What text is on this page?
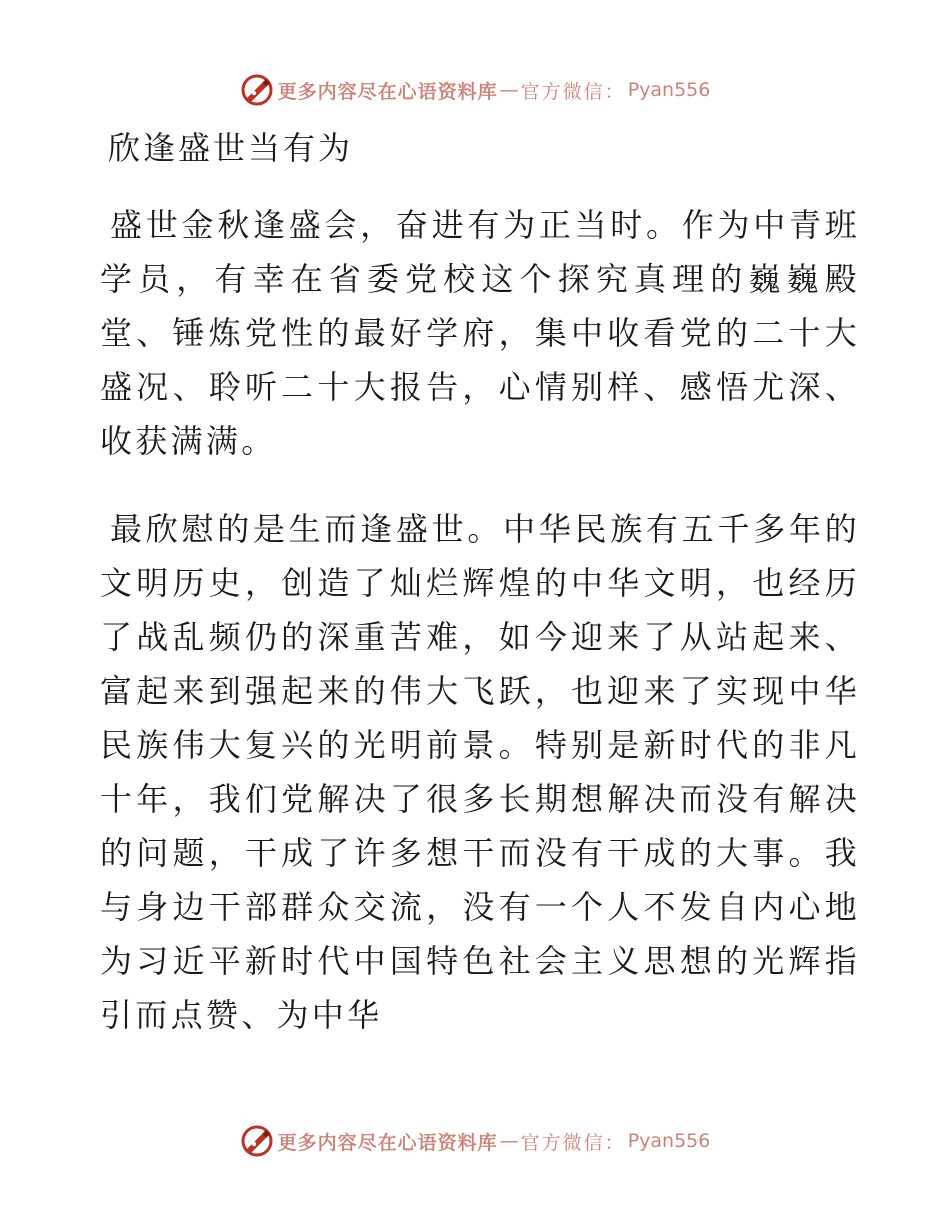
更多内容尽在心语资料库 — 官方微信： Pyan556
欣逢盛世当有为

盛世金秋逢盛会，奋进有为正当时。作为中青班学员，有幸在省委党校这个探究真理的巍巍殿堂、锤炼党性的最好学府，集中收看党的二十大盛况、聆听二十大报告，心情别样、感悟尤深、收获满满。

最欣慰的是生而逢盛世。中华民族有五千多年的文明历史，创造了灿烂辉煌的中华文明，也经历了战乱频仍的深重苦难，如今迎来了从站起来、富起来到强起来的伟大飞跃，也迎来了实现中华民族伟大复兴的光明前景。特别是新时代的非凡十年，我们党解决了很多长期想解决而没有解决的问题，干成了许多想干而没有干成的大事。我与身边干部群众交流，没有一个人不发自内心地为习近平新时代中国特色社会主义思想的光辉指引而点赞、为中华

更多内容尽在心语资料库 — 官方微信： Pyan556
